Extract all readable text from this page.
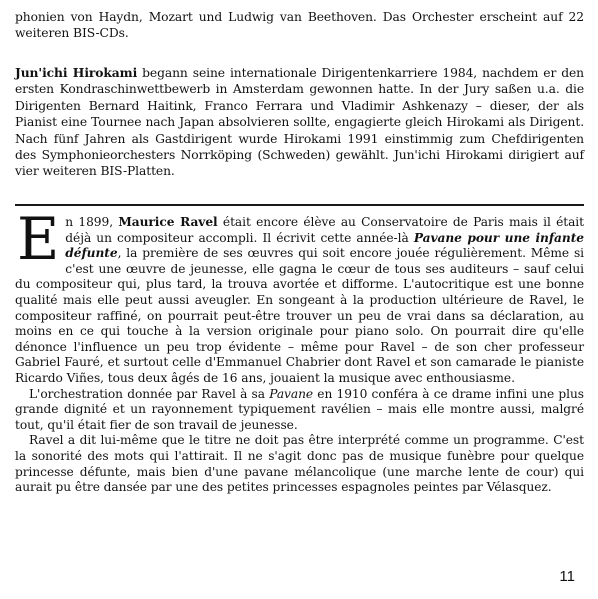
phonien von Haydn, Mozart und Ludwig van Beethoven. Das Orchester erscheint auf 22 weiteren BIS-CDs.

Jun'ichi Hirokami begann seine internationale Dirigentenkarriere 1984, nachdem er den ersten Kondraschinwettbewerb in Amsterdam gewonnen hatte. In der Jury saßen u.a. die Dirigenten Bernard Haitink, Franco Ferrara und Vladimir Ashkenazy – dieser, der als Pianist eine Tournee nach Japan absolvieren sollte, engagierte gleich Hirokami als Dirigent. Nach fünf Jahren als Gastdirigent wurde Hirokami 1991 einstimmig zum Chefdirigenten des Symphonieorchesters Norrköping (Schweden) gewählt. Jun'ichi Hirokami dirigiert auf vier weiteren BIS-Platten.

En 1899, Maurice Ravel était encore élève au Conservatoire de Paris mais il était déjà un compositeur accompli. Il écrivit cette année-là Pavane pour une infante défunte, la première de ses œuvres qui soit encore jouée régulièrement. Même si c'est une œuvre de jeunesse, elle gagna le cœur de tous ses auditeurs – sauf celui du compositeur qui, plus tard, la trouva avortée et difforme. L'autocritique est une bonne qualité mais elle peut aussi aveugler. En songeant à la production ultérieure de Ravel, le compositeur raffiné, on pourrait peut-être trouver un peu de vrai dans sa déclaration, au moins en ce qui touche à la version originale pour piano solo. On pourrait dire qu'elle dénonce l'influence un peu trop évidente – même pour Ravel – de son cher professeur Gabriel Fauré, et surtout celle d'Emmanuel Chabrier dont Ravel et son camarade le pianiste Ricardo Viñes, tous deux âgés de 16 ans, jouaient la musique avec enthousiasme.

L'orchestration donnée par Ravel à sa Pavane en 1910 conféra à ce drame infini une plus grande dignité et un rayonnement typiquement ravélien – mais elle montre aussi, malgré tout, qu'il était fier de son travail de jeunesse.

Ravel a dit lui-même que le titre ne doit pas être interprété comme un programme. C'est la sonorité des mots qui l'attirait. Il ne s'agit donc pas de musique funèbre pour quelque princesse défunte, mais bien d'une pavane mélancolique (une marche lente de cour) qui aurait pu être dansée par une des petites princesses espagnoles peintes par Vélasquez.

11
